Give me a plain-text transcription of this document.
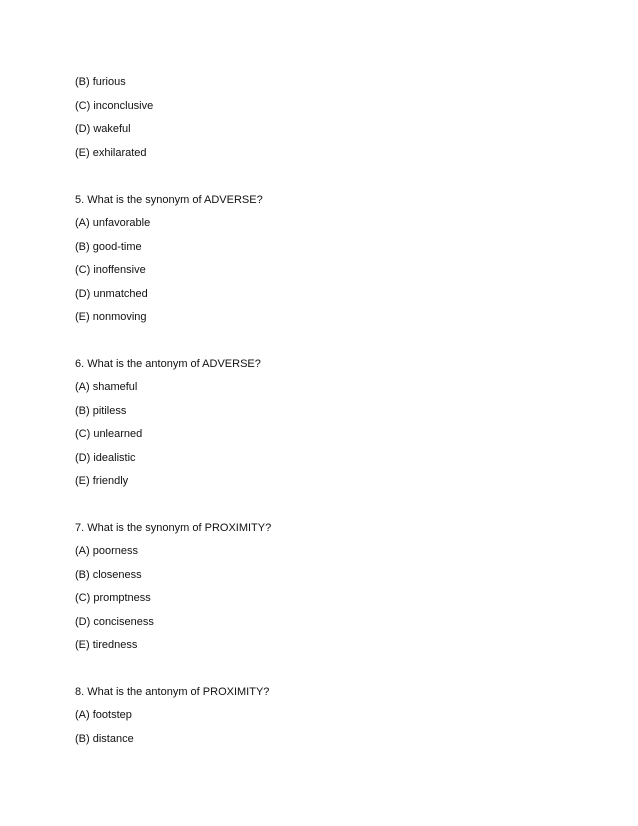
(B) furious
(C) inconclusive
(D) wakeful
(E) exhilarated
5. What is the synonym of ADVERSE?
(A) unfavorable
(B) good-time
(C) inoffensive
(D) unmatched
(E) nonmoving
6. What is the antonym of ADVERSE?
(A) shameful
(B) pitiless
(C) unlearned
(D) idealistic
(E) friendly
7. What is the synonym of PROXIMITY?
(A) poorness
(B) closeness
(C) promptness
(D) conciseness
(E) tiredness
8. What is the antonym of PROXIMITY?
(A) footstep
(B) distance
